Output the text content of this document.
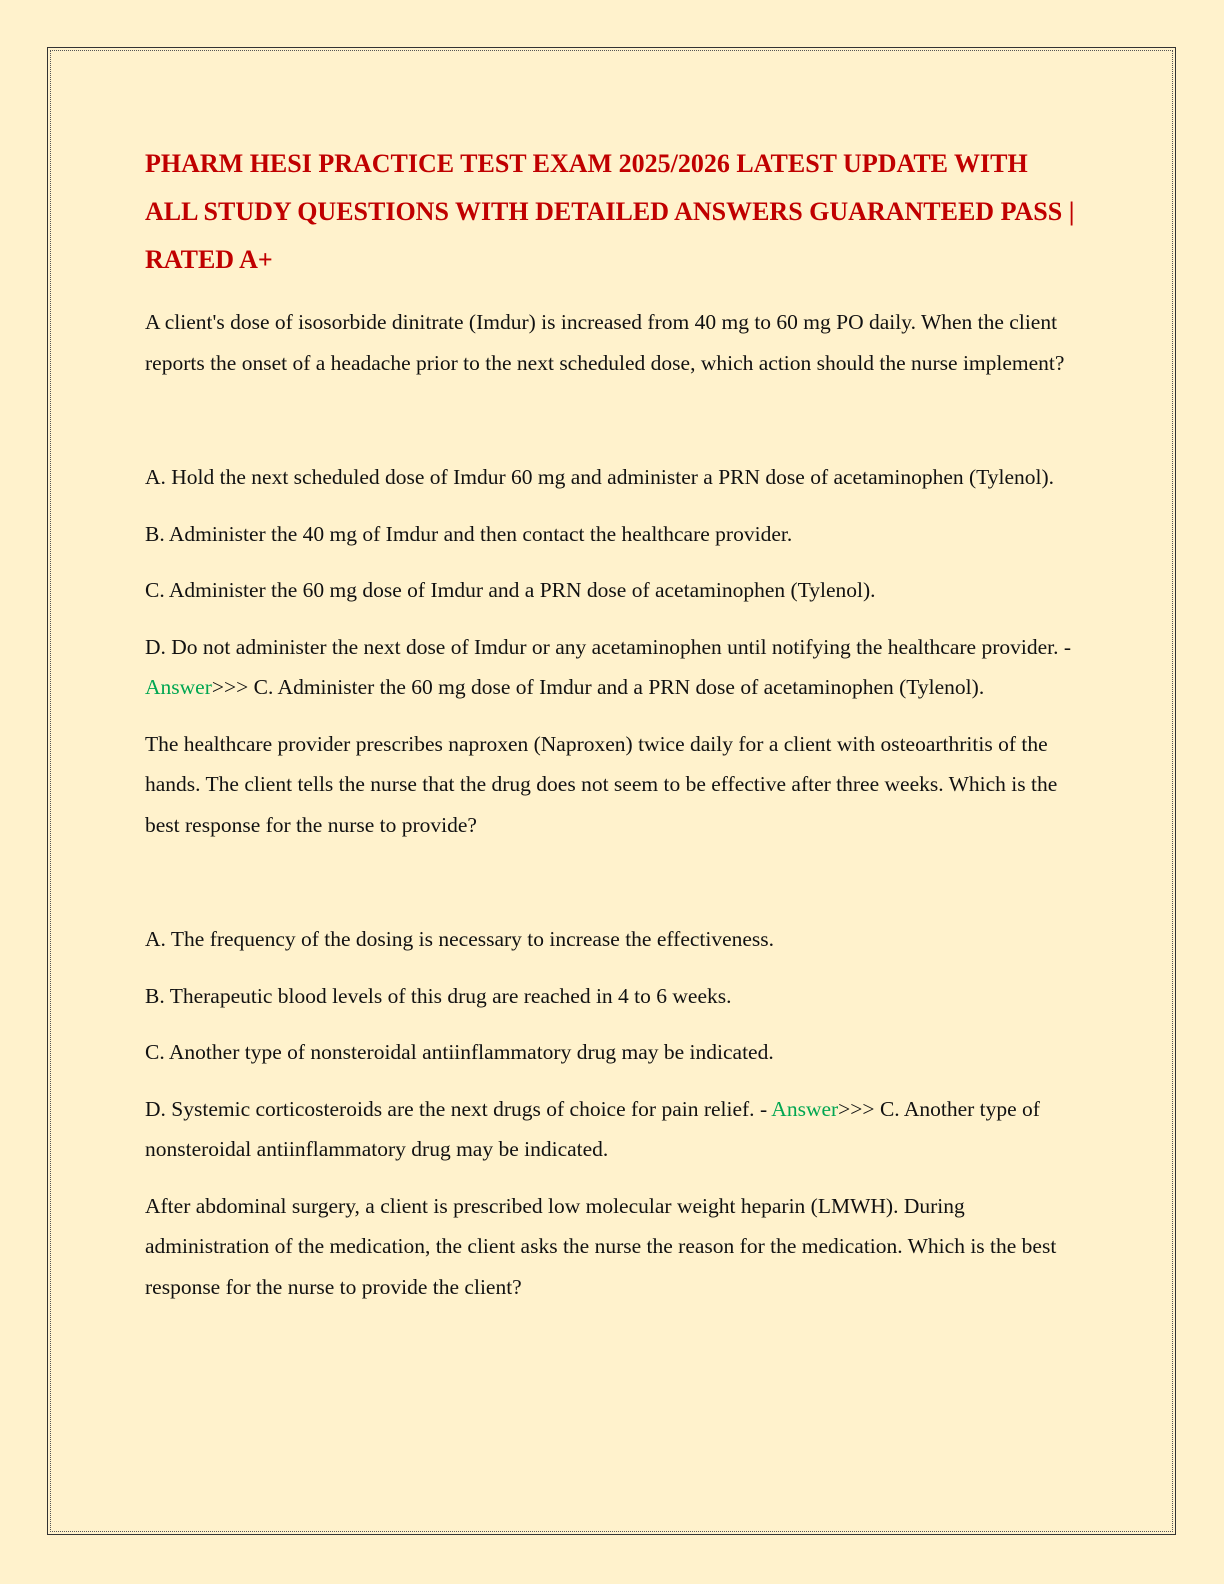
PHARM HESI PRACTICE TEST EXAM 2025/2026 LATEST UPDATE WITH ALL STUDY QUESTIONS WITH DETAILED ANSWERS GUARANTEED PASS | RATED A+

A client's dose of isosorbide dinitrate (Imdur) is increased from 40 mg to 60 mg PO daily. When the client reports the onset of a headache prior to the next scheduled dose, which action should the nurse implement?

A. Hold the next scheduled dose of Imdur 60 mg and administer a PRN dose of acetaminophen (Tylenol).

B. Administer the 40 mg of Imdur and then contact the healthcare provider.

C. Administer the 60 mg dose of Imdur and a PRN dose of acetaminophen (Tylenol).

D. Do not administer the next dose of Imdur or any acetaminophen until notifying the healthcare provider. - Answer>>> C. Administer the 60 mg dose of Imdur and a PRN dose of acetaminophen (Tylenol).

The healthcare provider prescribes naproxen (Naproxen) twice daily for a client with osteoarthritis of the hands. The client tells the nurse that the drug does not seem to be effective after three weeks. Which is the best response for the nurse to provide?

A. The frequency of the dosing is necessary to increase the effectiveness.

B. Therapeutic blood levels of this drug are reached in 4 to 6 weeks.

C. Another type of nonsteroidal antiinflammatory drug may be indicated.

D. Systemic corticosteroids are the next drugs of choice for pain relief. - Answer>>> C. Another type of nonsteroidal antiinflammatory drug may be indicated.

After abdominal surgery, a client is prescribed low molecular weight heparin (LMWH). During administration of the medication, the client asks the nurse the reason for the medication. Which is the best response for the nurse to provide the client?
